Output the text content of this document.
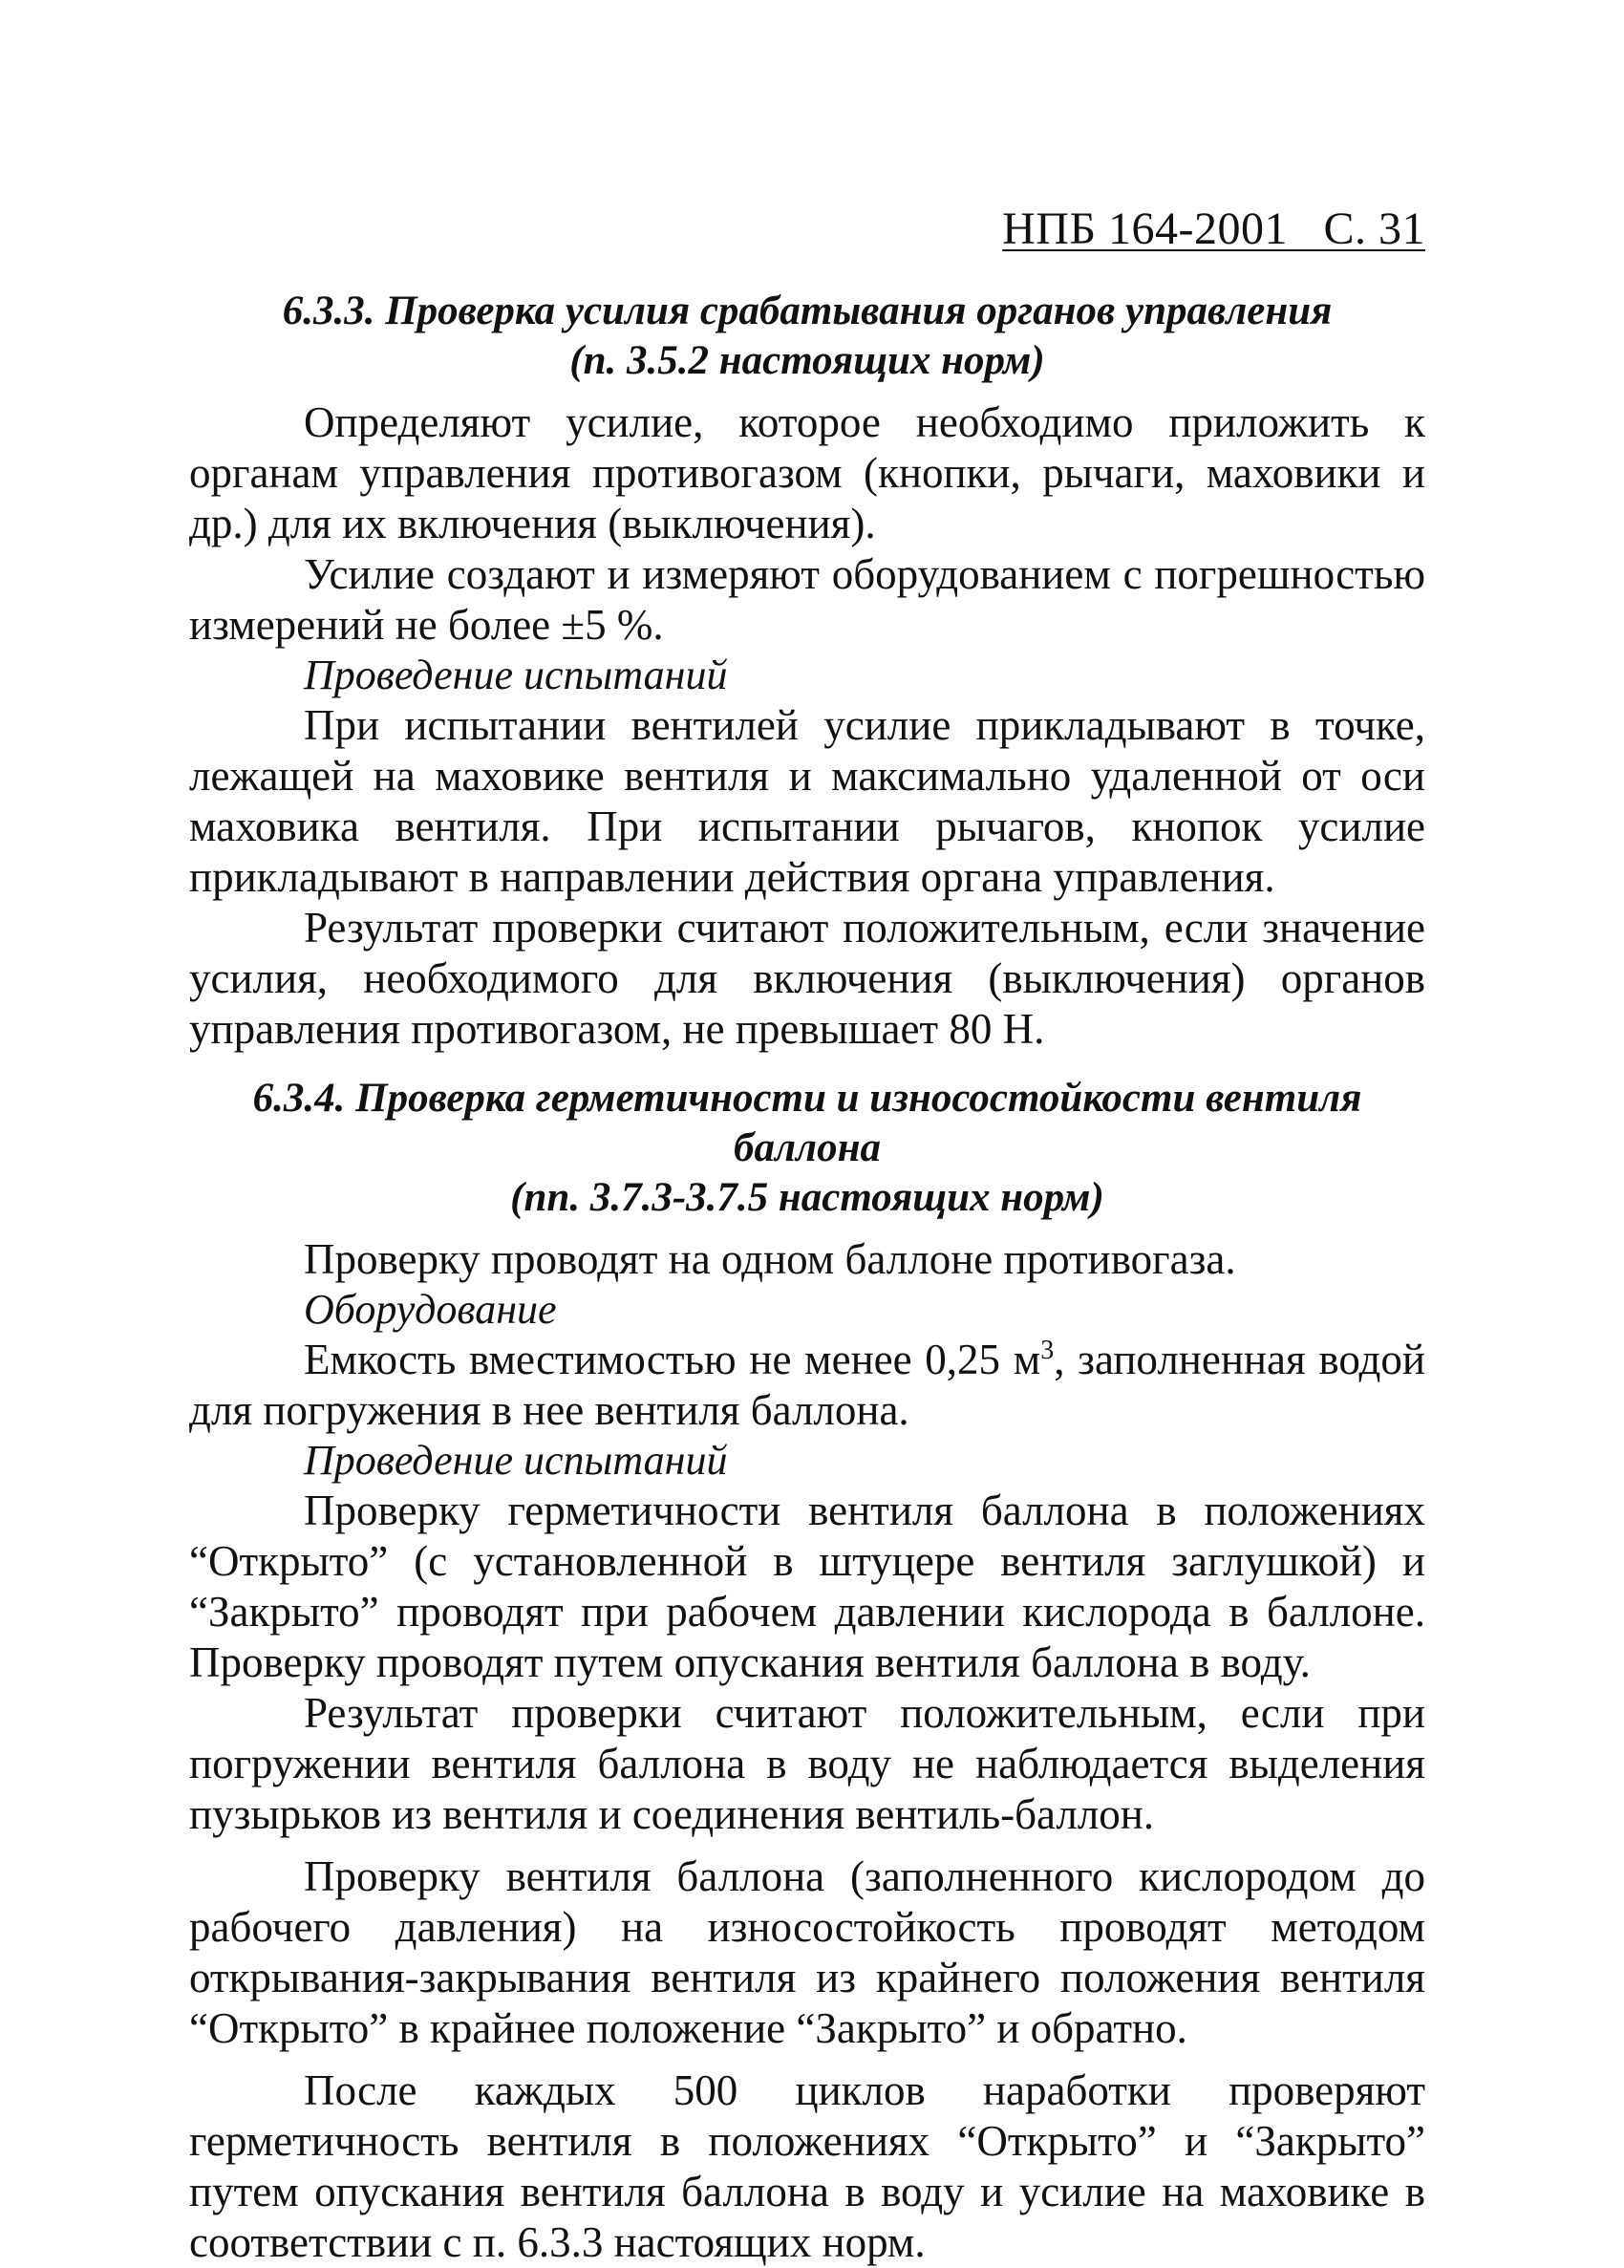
НПБ 164-2001   С. 31
6.3.3. Проверка усилия срабатывания органов управления
(п. 3.5.2 настоящих норм)

Определяют усилие, которое необходимо приложить к органам управления противогазом (кнопки, рычаги, маховики и др.) для их включения (выключения).

Усилие создают и измеряют оборудованием с погрешностью измерений не более ±5 %.

Проведение испытаний

При испытании вентилей усилие прикладывают в точке, лежащей на маховике вентиля и максимально удаленной от оси маховика вентиля. При испытании рычагов, кнопок усилие прикладывают в направлении действия органа управления.

Результат проверки считают положительным, если значение усилия, необходимого для включения (выключения) органов управления противогазом, не превышает 80 Н.

6.3.4. Проверка герметичности и износостойкости вентиля баллона
(пп. 3.7.3-3.7.5 настоящих норм)

Проверку проводят на одном баллоне противогаза.

Оборудование

Емкость вместимостью не менее 0,25 $м^3$, заполненная водой для погружения в нее вентиля баллона.

Проведение испытаний

Проверку герметичности вентиля баллона в положениях “Открыто” (с установленной в штуцере вентиля заглушкой) и “Закрыто” проводят при рабочем давлении кислорода в баллоне. Проверку проводят путем опускания вентиля баллона в воду.

Результат проверки считают положительным, если при погружении вентиля баллона в воду не наблюдается выделения пузырьков из вентиля и соединения вентиль-баллон.

Проверку вентиля баллона (заполненного кислородом до рабочего давления) на износостойкость проводят методом открывания-закрывания вентиля из крайнего положения вентиля “Открыто” в крайнее положение “Закрыто” и обратно.

После каждых 500 циклов наработки проверяют герметичность вентиля в положениях “Открыто” и “Закрыто” путем опускания вентиля баллона в воду и усилие на маховике в соответствии с п. 6.3.3 настоящих норм.
